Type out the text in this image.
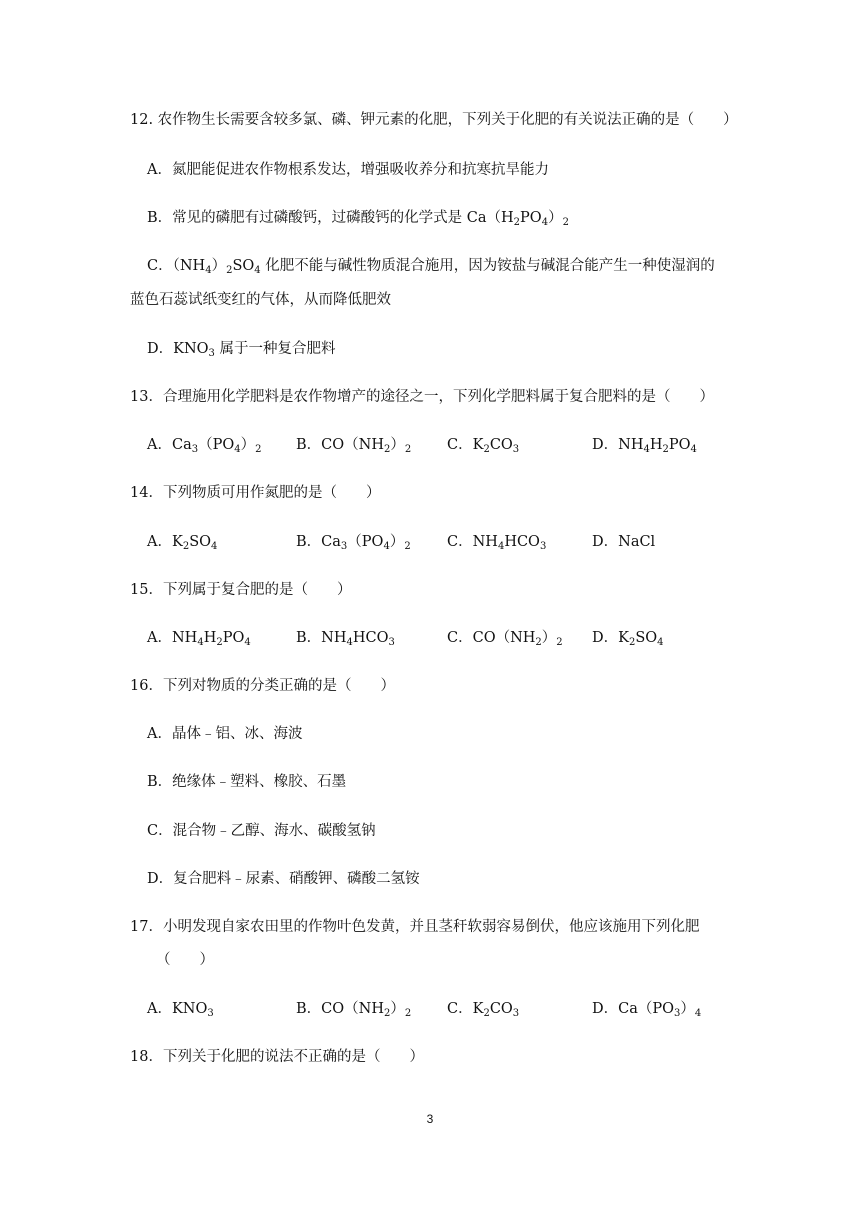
12. 农作物生长需要含较多氯、磷、钾元素的化肥，下列关于化肥的有关说法正确的是（　　）
A．氮肥能促进农作物根系发达，增强吸收养分和抗寒抗旱能力
B．常见的磷肥有过磷酸钙，过磷酸钙的化学式是 $Ca(H_2PO_4)_2$
C．$(NH_4)_2SO_4$ 化肥不能与碱性物质混合施用，因为铵盐与碱混合能产生一种使湿润的
蓝色石蕊试纸变红的气体，从而降低肥效
D．$KNO_3$ 属于一种复合肥料
13．合理施用化学肥料是农作物增产的途径之一，下列化学肥料属于复合肥料的是（　　）
A．$Ca_3(PO_4)_2$ B．$CO(NH_2)_2$ C．$K_2CO_3$	D．$NH_4H_2PO_4$
14．下列物质可用作氮肥的是（　　）
A．$K_2SO_4$	B．$Ca_3(PO_4)_2$	C．$NH_4HCO_3$	D．NaCl
15．下列属于复合肥的是（　　）
A．$NH_4H_2PO_4$	B．$NH_4HCO_3$	C．$CO(NH_2)_2$ D．$K_2SO_4$
16．下列对物质的分类正确的是（　　）
A．晶体﹣铝、冰、海波
B．绝缘体﹣塑料、橡胶、石墨
C．混合物﹣乙醇、海水、碳酸氢钠
D．复合肥料﹣尿素、硝酸钾、磷酸二氢铵
17．小明发现自家农田里的作物叶色发黄，并且茎秆软弱容易倒伏，他应该施用下列化肥
（　　）
A．$KNO_3$	B．$CO(NH_2)_2$ C．$K_2CO_3$	D．$Ca(PO_3)_4$
18．下列关于化肥的说法不正确的是（　　）
3
